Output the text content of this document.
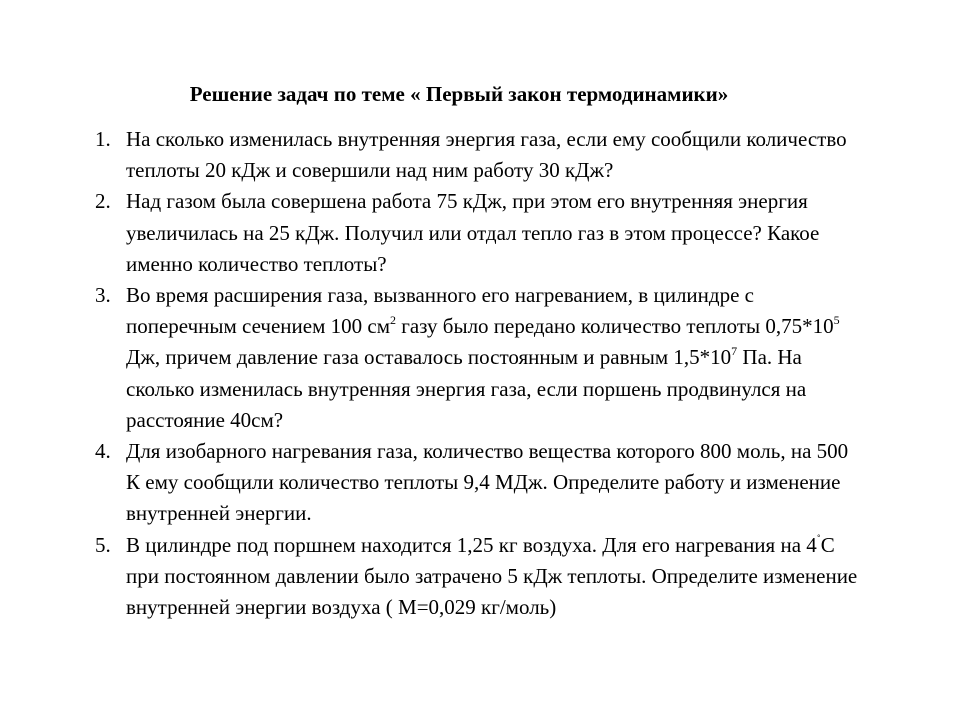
Решение задач по теме « Первый закон термодинамики»
1. На сколько изменилась внутренняя энергия газа, если ему сообщили количество теплоты 20 кДж и совершили над ним работу 30 кДж?
2. Над газом была совершена работа 75 кДж, при этом его внутренняя энергия увеличилась на 25 кДж. Получил или отдал тепло газ в этом процессе? Какое именно количество теплоты?
3. Во время расширения газа, вызванного его нагреванием, в цилиндре с поперечным сечением 100 $см^2$ газу было передано количество теплоты $0,75*10^5$ Дж, причем давление газа оставалось постоянным и равным $1,5*10^7$ Па. На сколько изменилась внутренняя энергия газа, если поршень продвинулся на расстояние 40см?
4. Для изобарного нагревания газа, количество вещества которого 800 моль, на 500 К ему сообщили количество теплоты 9,4 МДж. Определите работу и изменение внутренней энергии.
5. В цилиндре под поршнем находится 1,25 кг воздуха. Для его нагревания на 4˚С при постоянном давлении было затрачено 5 кДж теплоты. Определите изменение внутренней энергии воздуха ( М=0,029 кг/моль)
